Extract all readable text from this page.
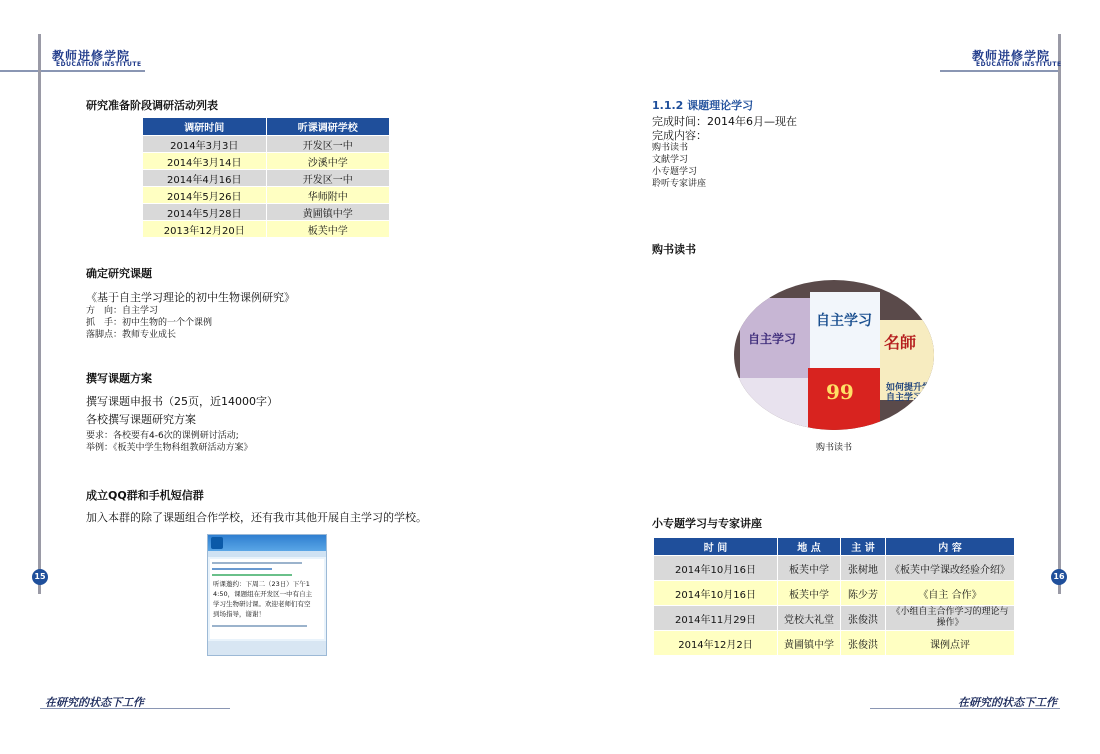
教师进修学院
EDUCATION INSTITUTE
教师进修学院
EDUCATION INSTITUTE
15	16
在研究的状态下工作	在研究的状态下工作
研究准备阶段调研活动列表
调研时间	听课调研学校
2014年3月3日	开发区一中
2014年3月14日	沙溪中学
2014年4月16日	开发区一中
2014年5月26日	华师附中
2014年5月28日	黄圃镇中学
2013年12月20日	板芙中学
确定研究课题
《基于自主学习理论的初中生物课例研究》
方　向：自主学习
抓　手：初中生物的一个个课例
落脚点：教师专业成长
撰写课题方案
撰写课题申报书（25页，近14000字）
各校撰写课题研究方案
要求：各校要有4-6次的课例研讨活动;
举例：《板芙中学生物科组教研活动方案》
成立QQ群和手机短信群
加入本群的除了课题组合作学校，还有我市其他开展自主学习的学校。
听课邀约：下周二（23日）下午1
4:50，课题组在开发区一中有自主
学习生物研讨课。欢迎老师们有空
到场指导，谢谢！
1.1.2 课题理论学习
完成时间：2014年6月—现在
完成内容：
购书读书
文献学习
小专题学习
聆听专家讲座
购书读书
自主学习
自主学习
名師
如何提升学
自主学习
99
购书读书
小专题学习与专家讲座
时 间	地 点	主 讲	内 容
2014年10月16日	板芙中学	张树地	《板芙中学课改经验介绍》
2014年10月16日	板芙中学	陈少芳	《自主 合作》
2014年11月29日	党校大礼堂	张俊洪	《小组自主合作学习的理论与操作》
2014年12月2日	黄圃镇中学	张俊洪	课例点评
